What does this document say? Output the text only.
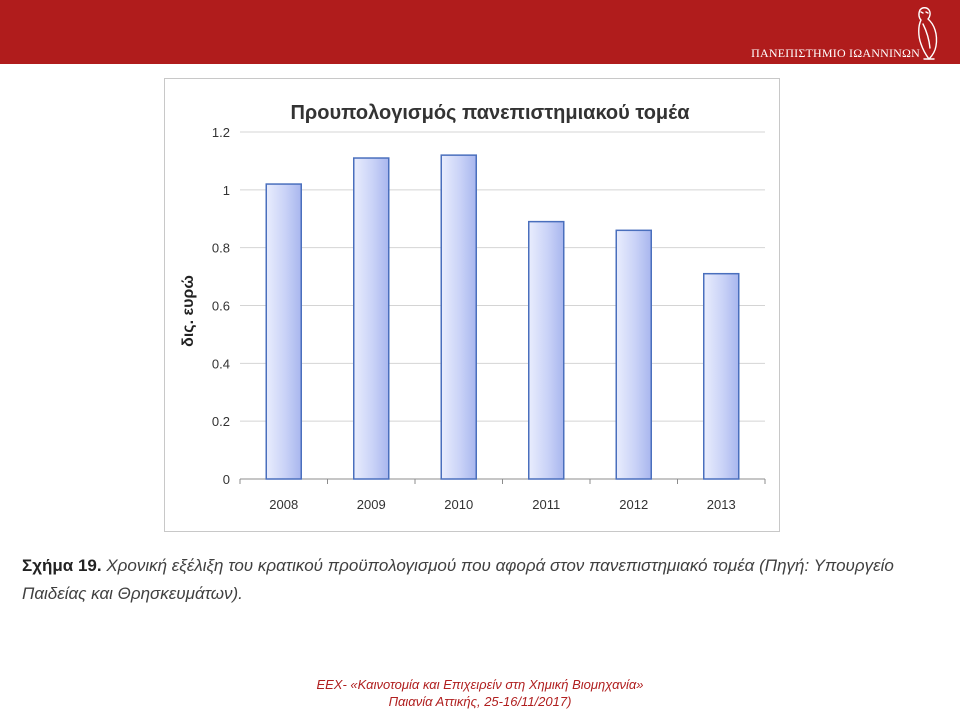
ΠΑΝΕΠΙΣΤΗΜΙΟ ΙΩΑΝΝΙΝΩΝ
Προυπολογισμός πανεπιστημιακού τομέα
δις. ευρώ
0
0.2
0.4
0.6
0.8
1
1.2
2008	2009	2010	2011	2012	2013
Σχήμα 19. Χρονική εξέλιξη του κρατικού προϋπολογισμού που αφορά στον πανεπιστημιακό τομέα (Πηγή: Υπουργείο Παιδείας και Θρησκευμάτων).
ΕΕΧ- «Καινοτομία και Επιχειρείν στη Χημική Βιομηχανία»
Παιανία Αττικής, 25-16/11/2017)
